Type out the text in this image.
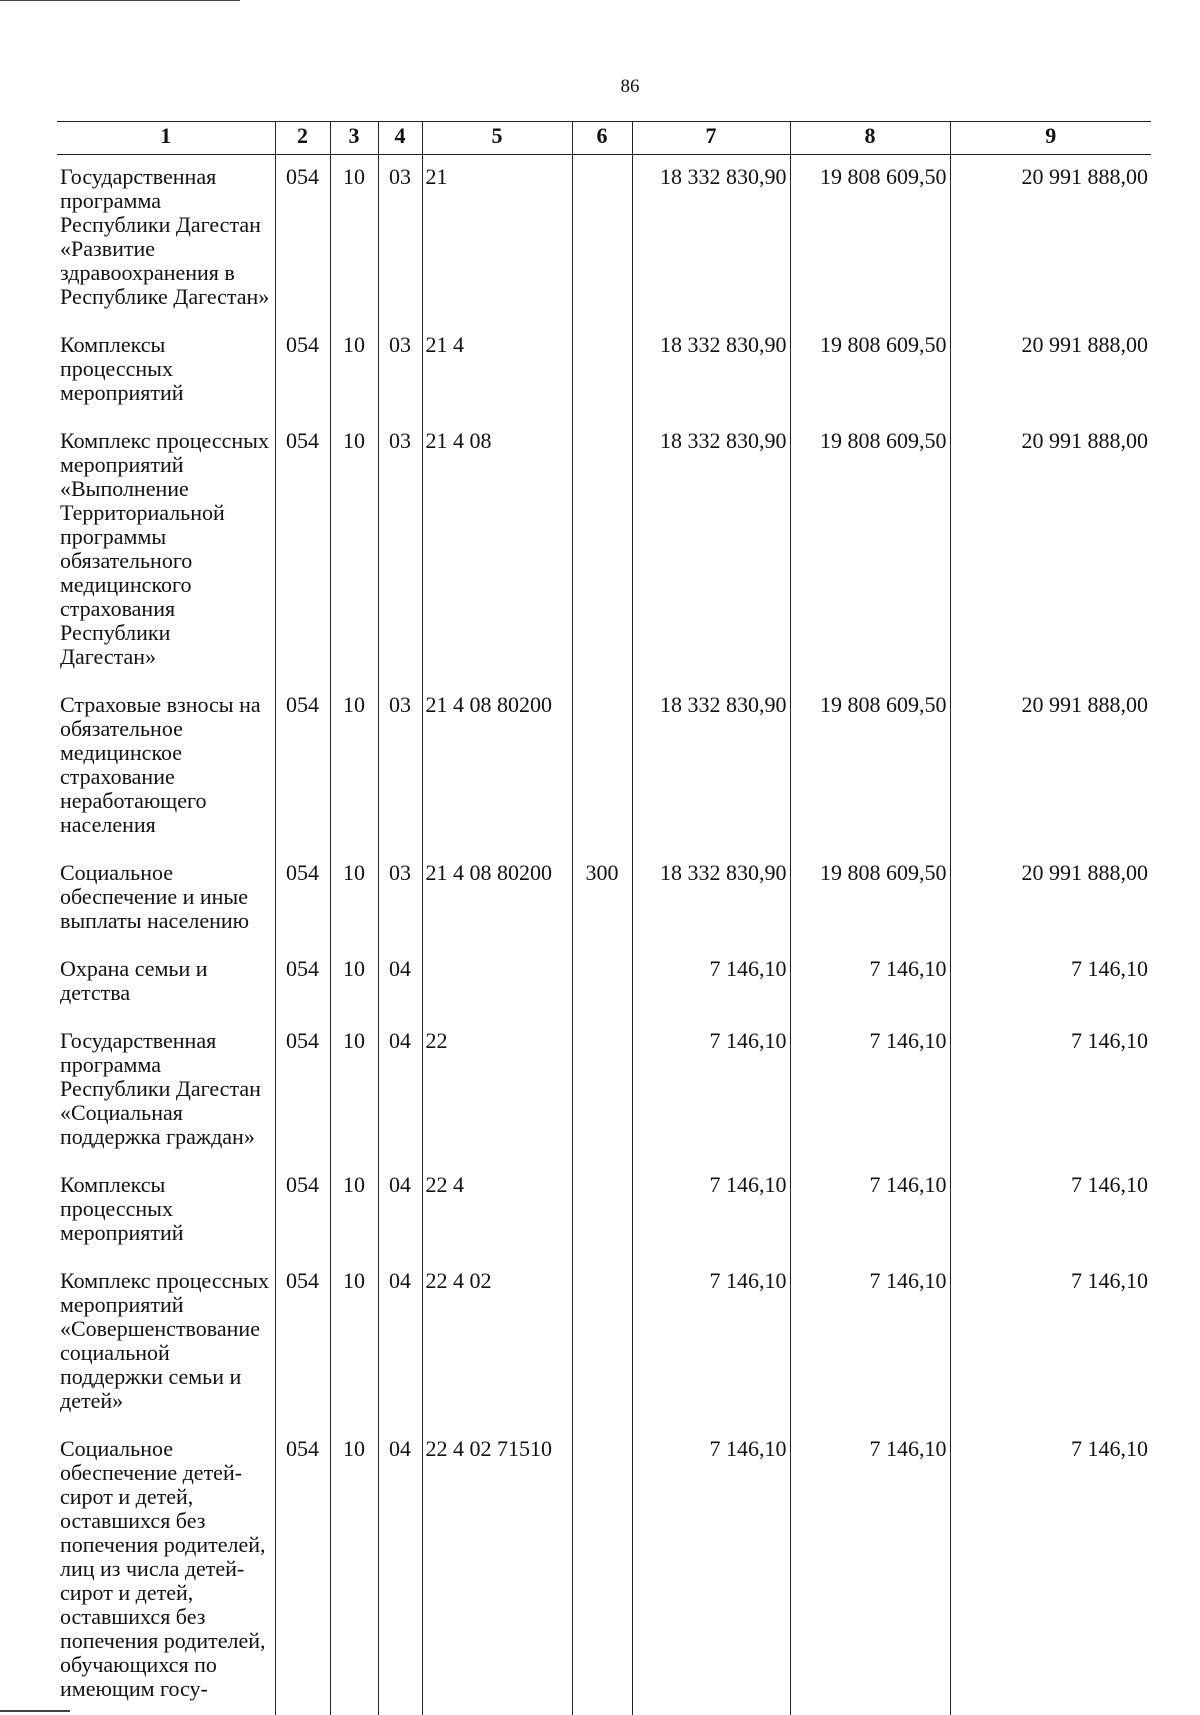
86
1	2	3	4	5	6	7	8	9
Государственная программа Республики Дагестан «Развитие здравоохранения в Республике Дагестан»	054	10	03	21		18 332 830,90	19 808 609,50	20 991 888,00
Комплексы процессных мероприятий	054	10	03	21 4		18 332 830,90	19 808 609,50	20 991 888,00
Комплекс процессных мероприятий «Выполнение Территориальной программы обязательного медицинского страхования Республики Дагестан»	054	10	03	21 4 08		18 332 830,90	19 808 609,50	20 991 888,00
Страховые взносы на обязательное медицинское страхование неработающего населения	054	10	03	21 4 08 80200		18 332 830,90	19 808 609,50	20 991 888,00
Социальное обеспечение и иные выплаты населению	054	10	03	21 4 08 80200	300	18 332 830,90	19 808 609,50	20 991 888,00
Охрана семьи и детства	054	10	04			7 146,10	7 146,10	7 146,10
Государственная программа Республики Дагестан «Социальная поддержка граждан»	054	10	04	22		7 146,10	7 146,10	7 146,10
Комплексы процессных мероприятий	054	10	04	22 4		7 146,10	7 146,10	7 146,10
Комплекс процессных мероприятий «Совершенствование социальной поддержки семьи и детей»	054	10	04	22 4 02		7 146,10	7 146,10	7 146,10
Социальное обеспечение детей-сирот и детей, оставшихся без попечения родителей, лиц из числа детей-сирот и детей, оставшихся без попечения родителей, обучающихся по имеющим госу-	054	10	04	22 4 02 71510		7 146,10	7 146,10	7 146,10
